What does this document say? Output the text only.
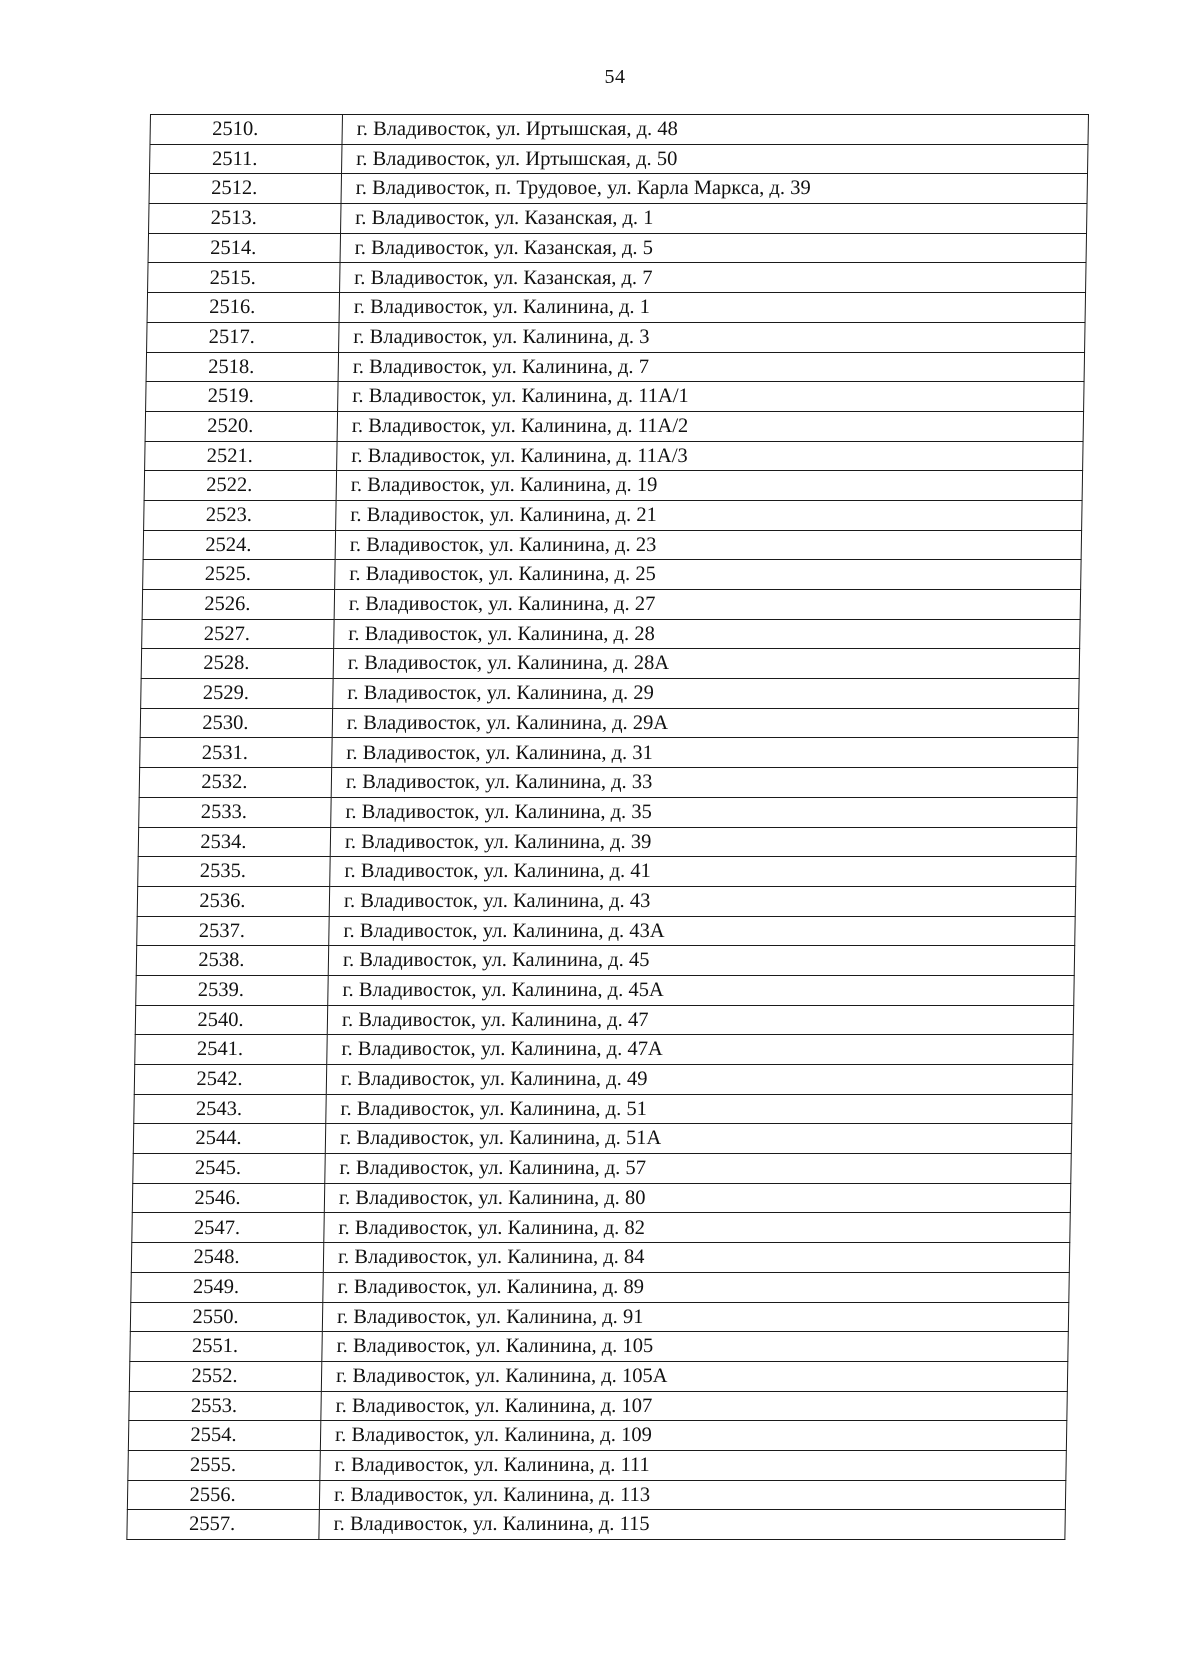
54
2510.	г. Владивосток, ул. Иртышская, д. 48
2511.	г. Владивосток, ул. Иртышская, д. 50
2512.	г. Владивосток, п. Трудовое, ул. Карла Маркса, д. 39
2513.	г. Владивосток, ул. Казанская, д. 1
2514.	г. Владивосток, ул. Казанская, д. 5
2515.	г. Владивосток, ул. Казанская, д. 7
2516.	г. Владивосток, ул. Калинина, д. 1
2517.	г. Владивосток, ул. Калинина, д. 3
2518.	г. Владивосток, ул. Калинина, д. 7
2519.	г. Владивосток, ул. Калинина, д. 11А/1
2520.	г. Владивосток, ул. Калинина, д. 11А/2
2521.	г. Владивосток, ул. Калинина, д. 11А/3
2522.	г. Владивосток, ул. Калинина, д. 19
2523.	г. Владивосток, ул. Калинина, д. 21
2524.	г. Владивосток, ул. Калинина, д. 23
2525.	г. Владивосток, ул. Калинина, д. 25
2526.	г. Владивосток, ул. Калинина, д. 27
2527.	г. Владивосток, ул. Калинина, д. 28
2528.	г. Владивосток, ул. Калинина, д. 28А
2529.	г. Владивосток, ул. Калинина, д. 29
2530.	г. Владивосток, ул. Калинина, д. 29А
2531.	г. Владивосток, ул. Калинина, д. 31
2532.	г. Владивосток, ул. Калинина, д. 33
2533.	г. Владивосток, ул. Калинина, д. 35
2534.	г. Владивосток, ул. Калинина, д. 39
2535.	г. Владивосток, ул. Калинина, д. 41
2536.	г. Владивосток, ул. Калинина, д. 43
2537.	г. Владивосток, ул. Калинина, д. 43А
2538.	г. Владивосток, ул. Калинина, д. 45
2539.	г. Владивосток, ул. Калинина, д. 45А
2540.	г. Владивосток, ул. Калинина, д. 47
2541.	г. Владивосток, ул. Калинина, д. 47А
2542.	г. Владивосток, ул. Калинина, д. 49
2543.	г. Владивосток, ул. Калинина, д. 51
2544.	г. Владивосток, ул. Калинина, д. 51А
2545.	г. Владивосток, ул. Калинина, д. 57
2546.	г. Владивосток, ул. Калинина, д. 80
2547.	г. Владивосток, ул. Калинина, д. 82
2548.	г. Владивосток, ул. Калинина, д. 84
2549.	г. Владивосток, ул. Калинина, д. 89
2550.	г. Владивосток, ул. Калинина, д. 91
2551.	г. Владивосток, ул. Калинина, д. 105
2552.	г. Владивосток, ул. Калинина, д. 105А
2553.	г. Владивосток, ул. Калинина, д. 107
2554.	г. Владивосток, ул. Калинина, д. 109
2555.	г. Владивосток, ул. Калинина, д. 111
2556.	г. Владивосток, ул. Калинина, д. 113
2557.	г. Владивосток, ул. Калинина, д. 115
